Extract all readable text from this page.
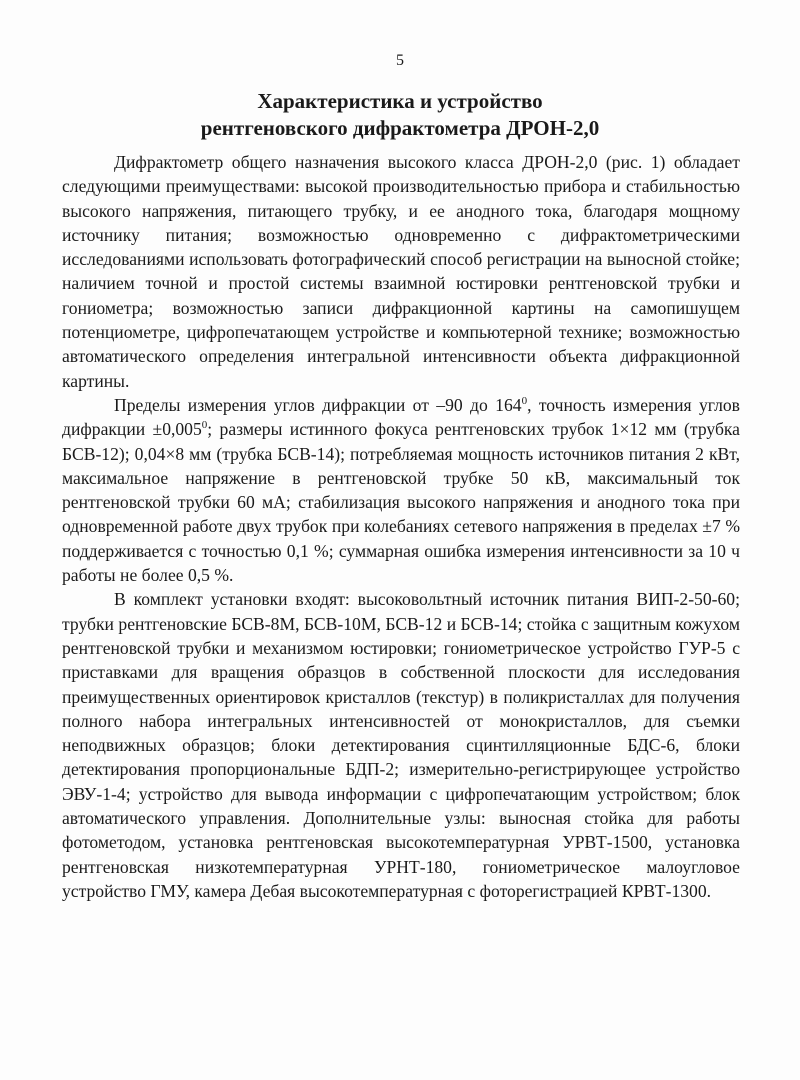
5
Характеристика и устройство
рентгеновского дифрактометра ДРОН-2,0

Дифрактометр общего назначения высокого класса ДРОН-2,0 (рис. 1) обладает следующими преимуществами: высокой производительностью прибора и стабильностью высокого напряжения, питающего трубку, и ее анодного тока, благодаря мощному источнику питания; возможностью одновременно с дифрактометрическими исследованиями использовать фотографический способ регистрации на выносной стойке; наличием точной и простой системы взаимной юстировки рентгеновской трубки и гониометра; возможностью записи дифракционной картины на самопишущем потенциометре, цифропечатающем устройстве и компьютерной технике; возможностью автоматического определения интегральной интенсивности объекта дифракционной картины.

Пределы измерения углов дифракции от –90 до $164^0$, точность измерения углов дифракции $\pm 0,005^0$; размеры истинного фокуса рентгеновских трубок 1×12 мм (трубка БСВ-12); 0,04×8 мм (трубка БСВ-14); потребляемая мощность источников питания 2 кВт, максимальное напряжение в рентгеновской трубке 50 кВ, максимальный ток рентгеновской трубки 60 мА; стабилизация высокого напряжения и анодного тока при одновременной работе двух трубок при колебаниях сетевого напряжения в пределах ±7 % поддерживается с точностью 0,1 %; суммарная ошибка измерения интенсивности за 10 ч работы не более 0,5 %.

В комплект установки входят: высоковольтный источник питания ВИП-2-50-60; трубки рентгеновские БСВ-8М, БСВ-10М, БСВ-12 и БСВ-14; стойка с защитным кожухом рентгеновской трубки и механизмом юстировки; гониометрическое устройство ГУР-5 с приставками для вращения образцов в собственной плоскости для исследования преимущественных ориентировок кристаллов (текстур) в поликристаллах для получения полного набора интегральных интенсивностей от монокристаллов, для съемки неподвижных образцов; блоки детектирования сцинтилляционные БДС-6, блоки детектирования пропорциональные БДП-2; измерительно-регистрирующее устройство ЭВУ-1-4; устройство для вывода информации с цифропечатающим устройством; блок автоматического управления. Дополнительные узлы: выносная стойка для работы фотометодом, установка рентгеновская высокотемпературная УРВТ-1500, установка рентгеновская низкотемпературная УРНТ-180, гониометрическое малоугловое устройство ГМУ, камера Дебая высокотемпературная с фоторегистрацией КРВТ-1300.
